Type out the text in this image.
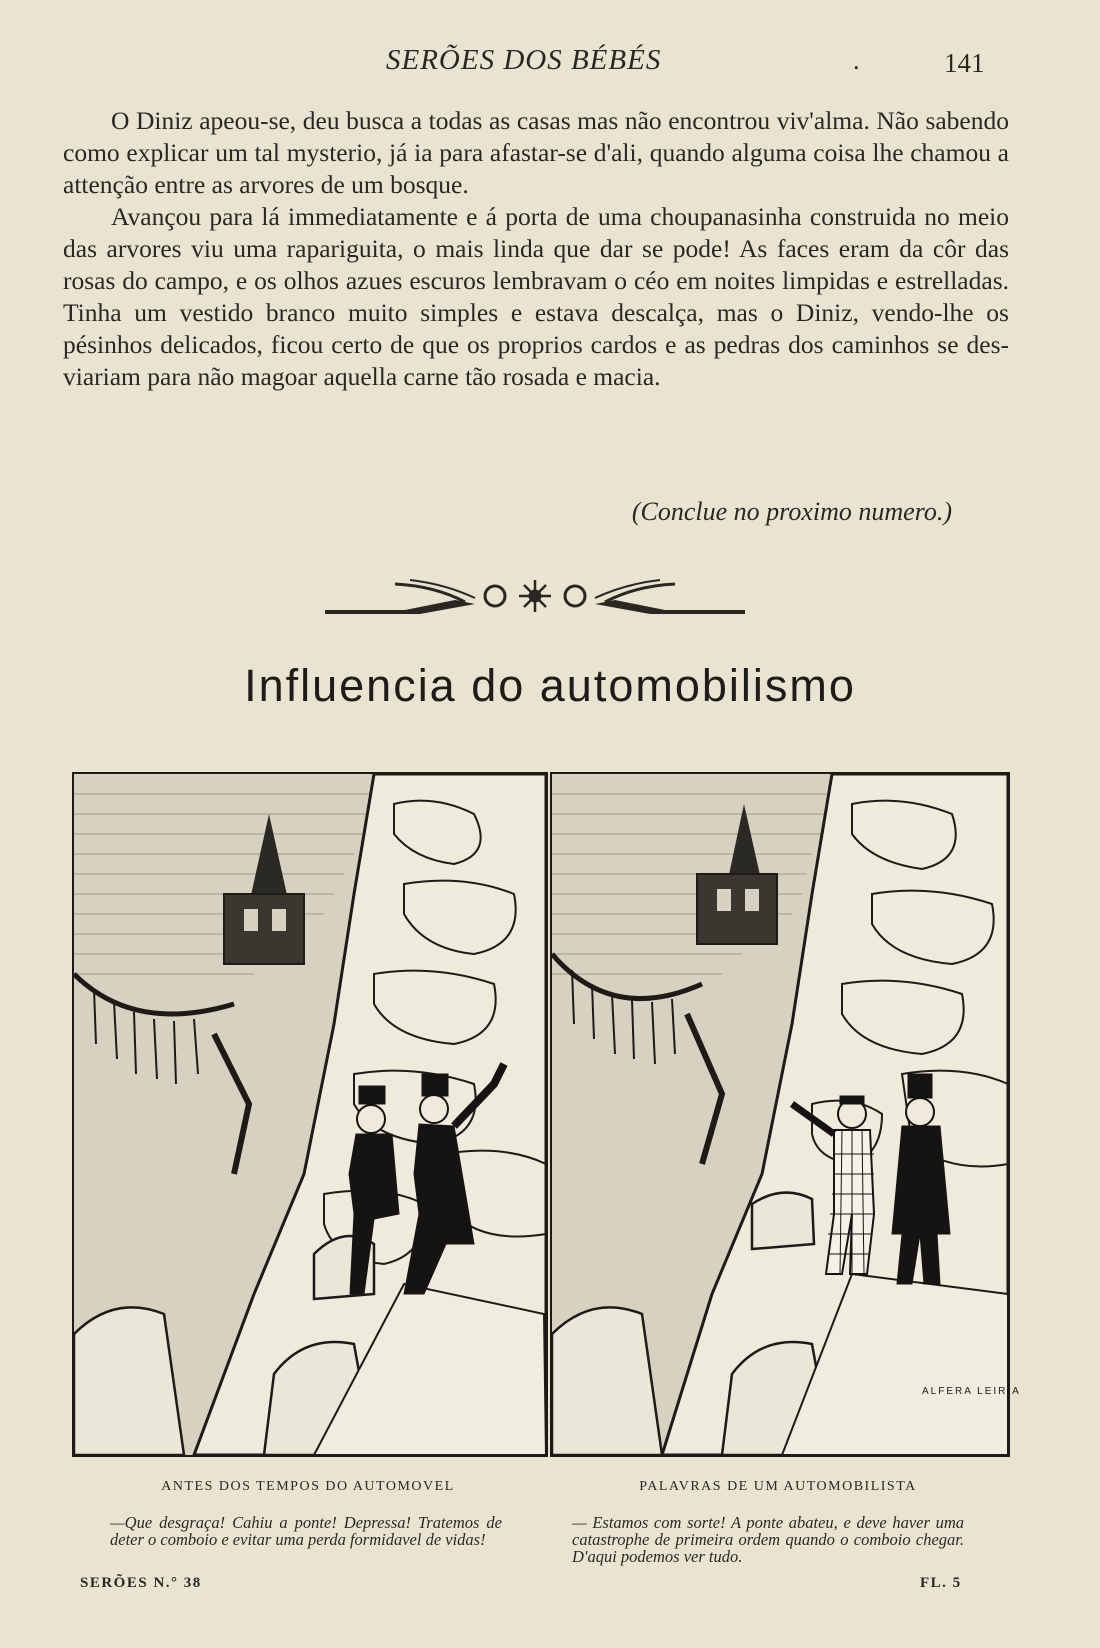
SERÕES DOS BÉBÉS	.	141

O Diniz apeou-se, deu busca a todas as casas mas não encontrou viv'alma. Não sabendo como explicar um tal mysterio, já ia para afastar-se d'ali, quando alguma coisa lhe chamou a attenção entre as arvores de um bosque.

Avançou para lá immediatamente e á porta de uma choupanasinha construida no meio das arvores viu uma rapariguita, o mais linda que dar se pode! As faces eram da côr das rosas do campo, e os olhos azues escuros lembravam o céo em noites limpidas e estrelladas. Tinha um vestido branco muito simples e estava descalça, mas o Diniz, vendo-lhe os pésinhos delicados, ficou certo de que os proprios cardos e as pedras dos caminhos se desviariam para não magoar aquella carne tão rosada e macia.

(Conclue no proximo numero.)
Influencia do automobilismo
ALFERA LEIRIA
ANTES DOS TEMPOS DO AUTOMOVEL	PALAVRAS DE UM AUTOMOBILISTA
—Que desgraça! Cahiu a ponte! Depressa! Tratemos de deter o comboio e evitar uma perda formidavel de vidas!
— Estamos com sorte! A ponte abateu, e deve haver uma catastrophe de primeira ordem quando o comboio chegar. D'aqui podemos ver tudo.
SERÕES N.° 38	FL. 5
